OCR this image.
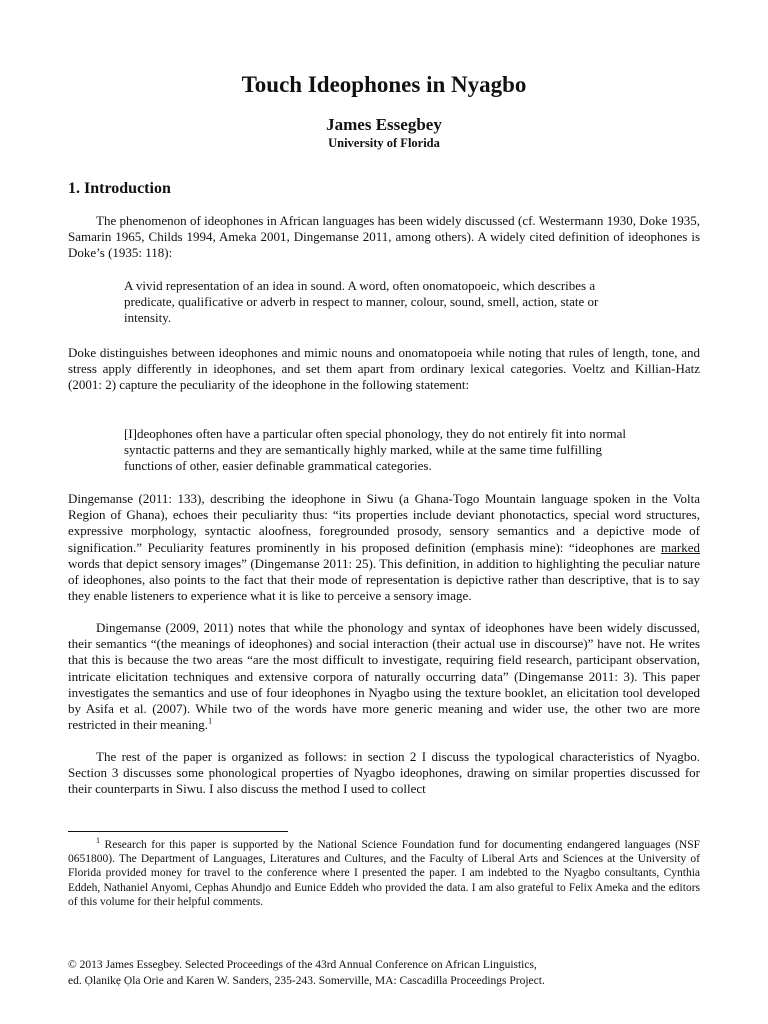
Touch Ideophones in Nyagbo
James Essegbey
University of Florida
1. Introduction

The phenomenon of ideophones in African languages has been widely discussed (cf. Westermann 1930, Doke 1935, Samarin 1965, Childs 1994, Ameka 2001, Dingemanse 2011, among others). A widely cited definition of ideophones is Doke’s (1935: 118):

A vivid representation of an idea in sound. A word, often onomatopoeic, which describes a predicate, qualificative or adverb in respect to manner, colour, sound, smell, action, state or intensity.

Doke distinguishes between ideophones and mimic nouns and onomatopoeia while noting that rules of length, tone, and stress apply differently in ideophones, and set them apart from ordinary lexical categories. Voeltz and Killian-Hatz (2001: 2) capture the peculiarity of the ideophone in the following statement:

[I]deophones often have a particular often special phonology, they do not entirely fit into normal syntactic patterns and they are semantically highly marked, while at the same time fulfilling functions of other, easier definable grammatical categories.

Dingemanse (2011: 133), describing the ideophone in Siwu (a Ghana-Togo Mountain language spoken in the Volta Region of Ghana), echoes their peculiarity thus: “its properties include deviant phonotactics, special word structures, expressive morphology, syntactic aloofness, foregrounded prosody, sensory semantics and a depictive mode of signification.” Peculiarity features prominently in his proposed definition (emphasis mine): “ideophones are marked words that depict sensory images” (Dingemanse 2011: 25). This definition, in addition to highlighting the peculiar nature of ideophones, also points to the fact that their mode of representation is depictive rather than descriptive, that is to say they enable listeners to experience what it is like to perceive a sensory image.

Dingemanse (2009, 2011) notes that while the phonology and syntax of ideophones have been widely discussed, their semantics “(the meanings of ideophones) and social interaction (their actual use in discourse)” have not. He writes that this is because the two areas “are the most difficult to investigate, requiring field research, participant observation, intricate elicitation techniques and extensive corpora of naturally occurring data” (Dingemanse 2011: 3). This paper investigates the semantics and use of four ideophones in Nyagbo using the texture booklet, an elicitation tool developed by Asifa et al. (2007). While two of the words have more generic meaning and wider use, the other two are more restricted in their meaning.$^1$

The rest of the paper is organized as follows: in section 2 I discuss the typological characteristics of Nyagbo. Section 3 discusses some phonological properties of Nyagbo ideophones, drawing on similar properties discussed for their counterparts in Siwu. I also discuss the method I used to collect

$^1$ Research for this paper is supported by the National Science Foundation fund for documenting endangered languages (NSF 0651800). The Department of Languages, Literatures and Cultures, and the Faculty of Liberal Arts and Sciences at the University of Florida provided money for travel to the conference where I presented the paper. I am indebted to the Nyagbo consultants, Cynthia Eddeh, Nathaniel Anyomi, Cephas Ahundjo and Eunice Eddeh who provided the data. I am also grateful to Felix Ameka and the editors of this volume for their helpful comments.

© 2013 James Essegbey. Selected Proceedings of the 43rd Annual Conference on African Linguistics,
ed. Ọlanikẹ Ọla Orie and Karen W. Sanders, 235-243. Somerville, MA: Cascadilla Proceedings Project.
